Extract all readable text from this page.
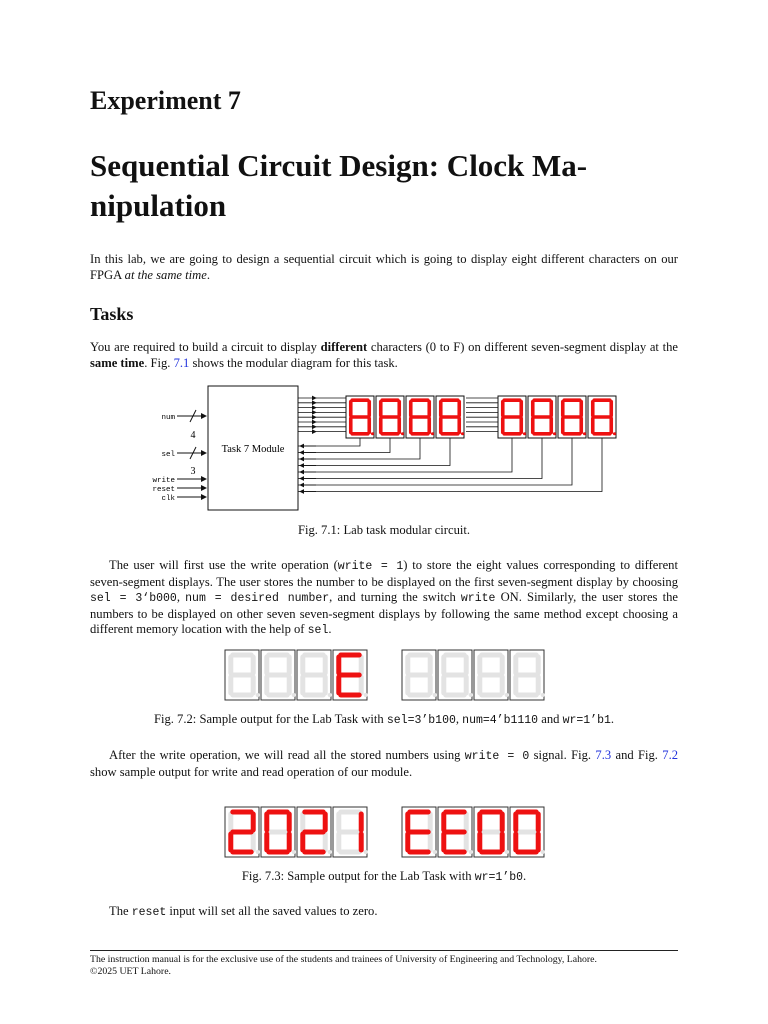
Experiment 7
Sequential Circuit Design: Clock Ma-nipulation

In this lab, we are going to design a sequential circuit which is going to display eight different characters on our FPGA at the same time.

Tasks

You are required to build a circuit to display different characters (0 to F) on different seven-segment display at the same time. Fig. 7.1 shows the modular diagram for this task.

Task 7 Module
num
4
sel
3
write
reset
clk
Fig. 7.1: Lab task modular circuit.

The user will first use the write operation (write = 1) to store the eight values corresponding to different seven-segment displays. The user stores the number to be displayed on the first seven-segment display by choosing sel = 3‘b000, num = desired number, and turning the switch write ON. Similarly, the user stores the numbers to be displayed on other seven seven-segment displays by following the same method except choosing a different memory location with the help of sel.

Fig. 7.2: Sample output for the Lab Task with sel=3’b100, num=4’b1110 and wr=1’b1.

After the write operation, we will read all the stored numbers using write = 0 signal. Fig. 7.3 and Fig. 7.2 show sample output for write and read operation of our module.

Fig. 7.3: Sample output for the Lab Task with wr=1’b0.

The reset input will set all the saved values to zero.

The instruction manual is for the exclusive use of the students and trainees of University of Engineering and Technology, Lahore.
©2025 UET Lahore.
